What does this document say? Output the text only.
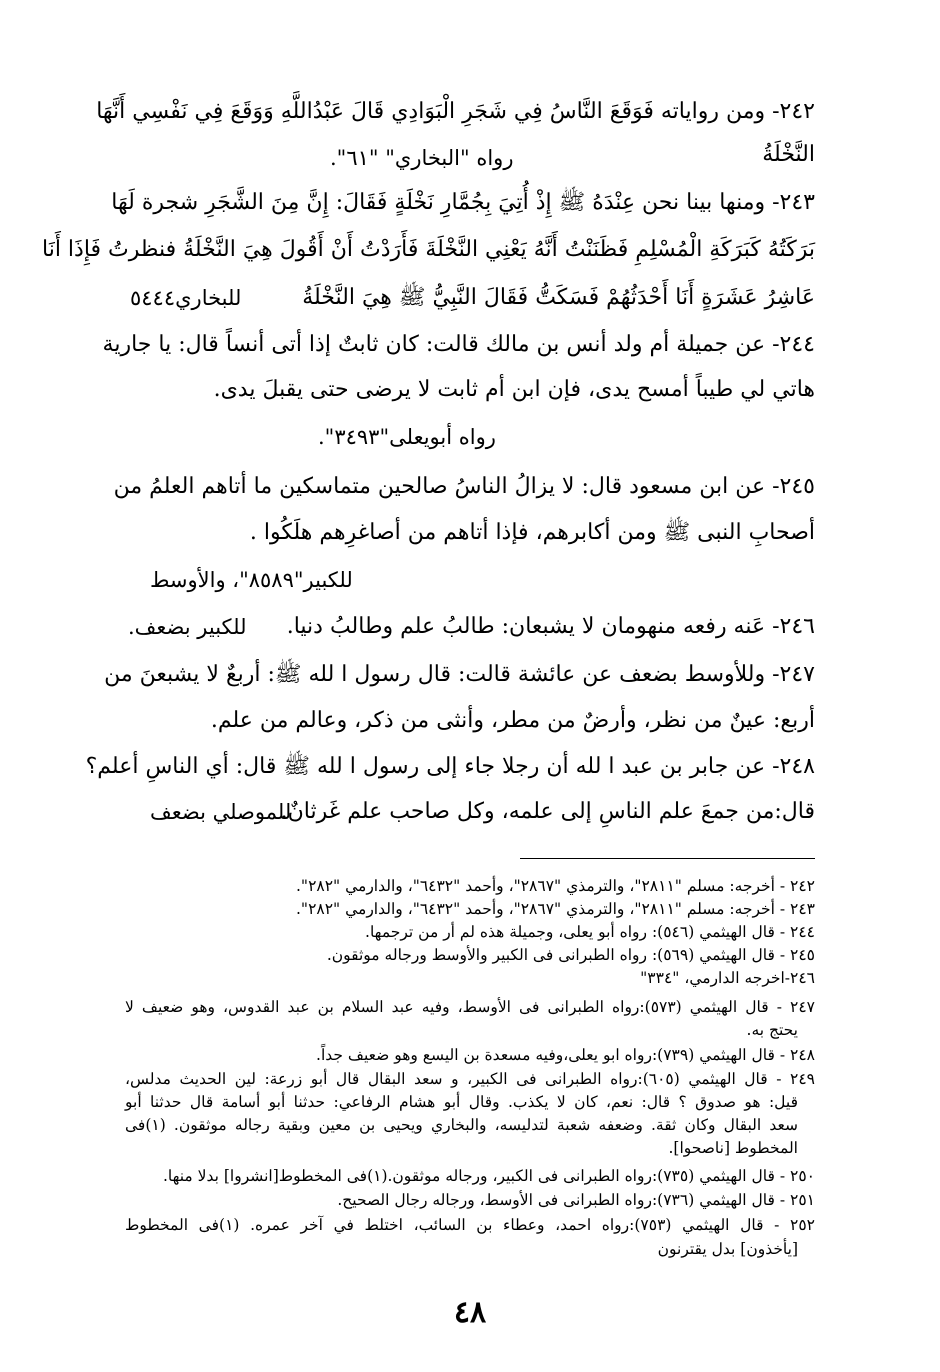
٢٤٢- ومن رواياته فَوَقَعَ النَّاسُ فِي شَجَرِ الْبَوَادِي قَالَ عَبْدُاللَّهِ وَوَقَعَ فِي نَفْسِي أَنَّهَا
النَّخْلَةُ
رواه "البخاري" "٦١".
٢٤٣- ومنها بينا نحن عِنْدَهُ ﷺ إِذْ أُتِيَ بِجُمَّارِ نَخْلَةٍ فَقَالَ: إِنَّ مِنَ الشَّجَرِ شجرة لَهَا
بَرَكَتُهُ كَبَرَكَةِ الْمُسْلِمِ فَظَنَنْتُ أَنَّهُ يَعْنِي النَّخْلَةَ فَأَرَدْتُ أَنْ أَقُولَ هِيَ النَّخْلَةُ فنظرتُ فَإِذَا أَنَا
عَاشِرُ عَشَرَةٍ أَنَا أَحْدَثُهُمْ فَسَكَتُّ فَقَالَ النَّبِيُّ ﷺ هِيَ النَّخْلَةُ
للبخاري٥٤٤٤
٢٤٤- عن جميلة أم ولد أنس بن مالك قالت: كان ثابتٌ إذا أتى أنساً قال: يا جارية
هاتي لي طيباً أمسح يدى، فإن ابن أم ثابت لا يرضى حتى يقبلَ يدى.
رواه أبويعلى"٣٤٩٣".
٢٤٥- عن ابن مسعود قال: لا يزالُ الناسُ صالحين متماسكين ما أتاهم العلمُ من
أصحابِ النبى ﷺ ومن أكابرهم، فإذا أتاهم من أصاغرِهم هلَكُوا .
للكبير"٨٥٨٩"، والأوسط
٢٤٦- عَنه رفعه منهومان لا يشبعان: طالبُ علم وطالبُ دنيا.
للكبير بضعف.
٢٤٧- وللأوسط بضعف عن عائشة قالت: قال رسول ا لله ﷺ: أربعٌ لا يشبعنَ من
أربع: عينٌ من نظر، وأرضٌ من مطر، وأنثى من ذكر، وعالم من علم.
٢٤٨- عن جابر بن عبد ا لله أن رجلا جاء إلى رسول ا لله ﷺ قال: أي الناسِ أعلم؟
قال:من جمعَ علم الناسِ إلى علمه، وكل صاحب علم غَرثانٌ.
للموصلي بضعف
٢٤٢ - أخرجه: مسلم "٢٨١١"، والترمذي "٢٨٦٧"، وأحمد "٦٤٣٢"، والدارمي "٢٨٢".
٢٤٣ - أخرجه: مسلم "٢٨١١"، والترمذي "٢٨٦٧"، وأحمد "٦٤٣٢"، والدارمي "٢٨٢".
٢٤٤ - قال الهيثمي (٥٤٦): رواه أبو يعلى، وجميلة هذه لم أر من ترجمها.
٢٤٥ - قال الهيثمي (٥٦٩): رواه الطبرانى فى الكبير والأوسط ورجاله موثقون.
٢٤٦-اخرجه الدارمي، "٣٣٤"
٢٤٧ - قال الهيثمي (٥٧٣):رواه الطبرانى فى الأوسط، وفيه عبد السلام بن عبد القدوس، وهو ضعيف لا
يحتج به.
٢٤٨ - قال الهيثمي (٧٣٩):رواه ابو يعلى،وفيه مسعدة بن اليسع وهو ضعيف جداً.
٢٤٩ - قال الهيثمي (٦٠٥):رواه الطبرانى فى الكبير، و سعد البقال قال أبو زرعة: لين الحديث مدلس،
قيل: هو صدوق ؟ قال: نعم، كان لا يكذب. وقال أبو هشام الرفاعي: حدثنا أبو أسامة قال حدثنا أبو
سعد البقال وكان ثقة. وضعفه شعبة لتدليسه، والبخاري ويحيى بن معين وبقية رجاله موثقون. (١)فى
المخطوط [ناصحوا].
٢٥٠ - قال الهيثمي (٧٣٥):رواه الطبرانى فى الكبير، ورجاله موثقون.(١)فى المخطوط[انشروا] بدلا منها.
٢٥١ - قال الهيثمي (٧٣٦):رواه الطبرانى فى الأوسط، ورجاله رجال الصحيح.
٢٥٢ - قال الهيثمي (٧٥٣):رواه احمد، وعطاء بن السائب، اختلط في آخر عمره. (١)فى المخطوط
[يأخذون] بدل يقترنون
٤٨
